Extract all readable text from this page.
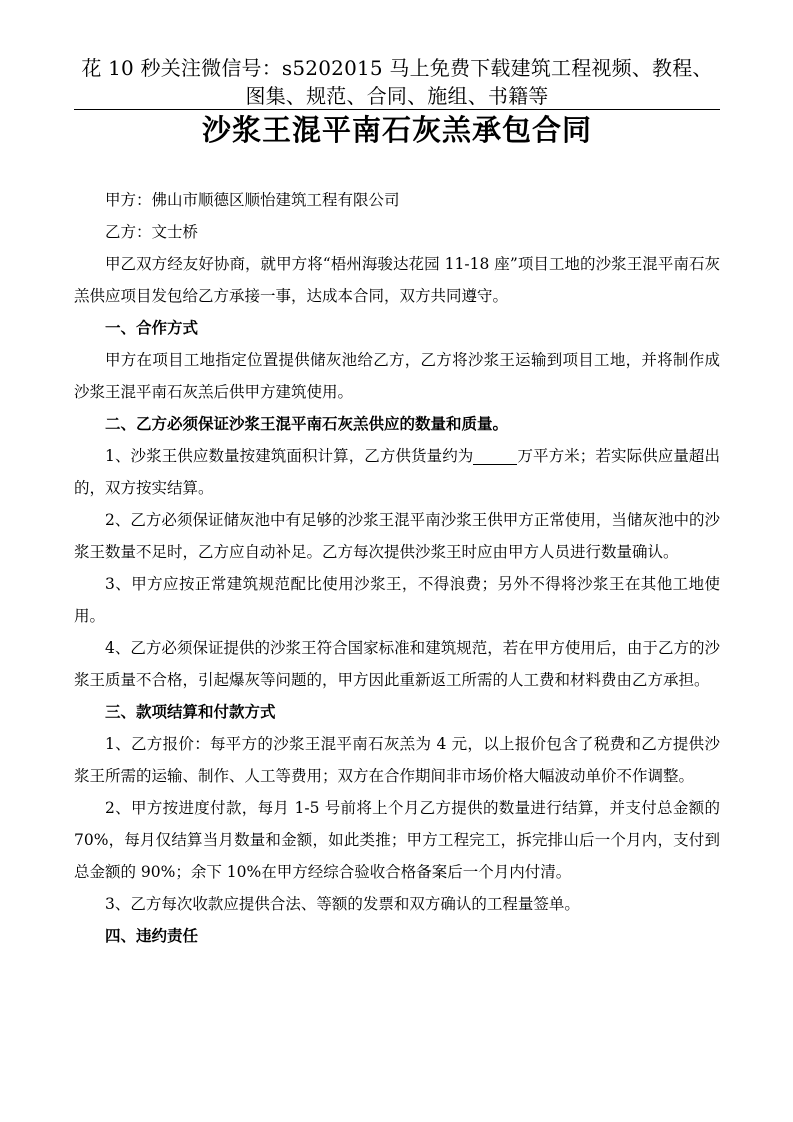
花 10 秒关注微信号：s5202015 马上免费下载建筑工程视频、教程、图集、规范、合同、施组、书籍等
沙浆王混平南石灰羔承包合同

甲方：佛山市顺德区顺怡建筑工程有限公司

乙方：文士桥

甲乙双方经友好协商，就甲方将“梧州海骏达花园 11-18 座”项目工地的沙浆王混平南石灰羔供应项目发包给乙方承接一事，达成本合同，双方共同遵守。

一、合作方式

甲方在项目工地指定位置提供储灰池给乙方，乙方将沙浆王运输到项目工地，并将制作成沙浆王混平南石灰羔后供甲方建筑使用。

二、乙方必须保证沙浆王混平南石灰羔供应的数量和质量。

1、沙浆王供应数量按建筑面积计算，乙方供货量约为	万平方米；若实际供应量超出的，双方按实结算。

2、乙方必须保证储灰池中有足够的沙浆王混平南沙浆王供甲方正常使用，当储灰池中的沙浆王数量不足时，乙方应自动补足。乙方每次提供沙浆王时应由甲方人员进行数量确认。

3、甲方应按正常建筑规范配比使用沙浆王，不得浪费；另外不得将沙浆王在其他工地使用。

4、乙方必须保证提供的沙浆王符合国家标准和建筑规范，若在甲方使用后，由于乙方的沙浆王质量不合格，引起爆灰等问题的，甲方因此重新返工所需的人工费和材料费由乙方承担。

三、款项结算和付款方式

1、乙方报价：每平方的沙浆王混平南石灰羔为 4 元，以上报价包含了税费和乙方提供沙浆王所需的运输、制作、人工等费用；双方在合作期间非市场价格大幅波动单价不作调整。

2、甲方按进度付款，每月 1-5 号前将上个月乙方提供的数量进行结算，并支付总金额的 70%，每月仅结算当月数量和金额，如此类推；甲方工程完工，拆完排山后一个月内，支付到总金额的 90%；余下 10%在甲方经综合验收合格备案后一个月内付清。

3、乙方每次收款应提供合法、等额的发票和双方确认的工程量签单。

四、违约责任
